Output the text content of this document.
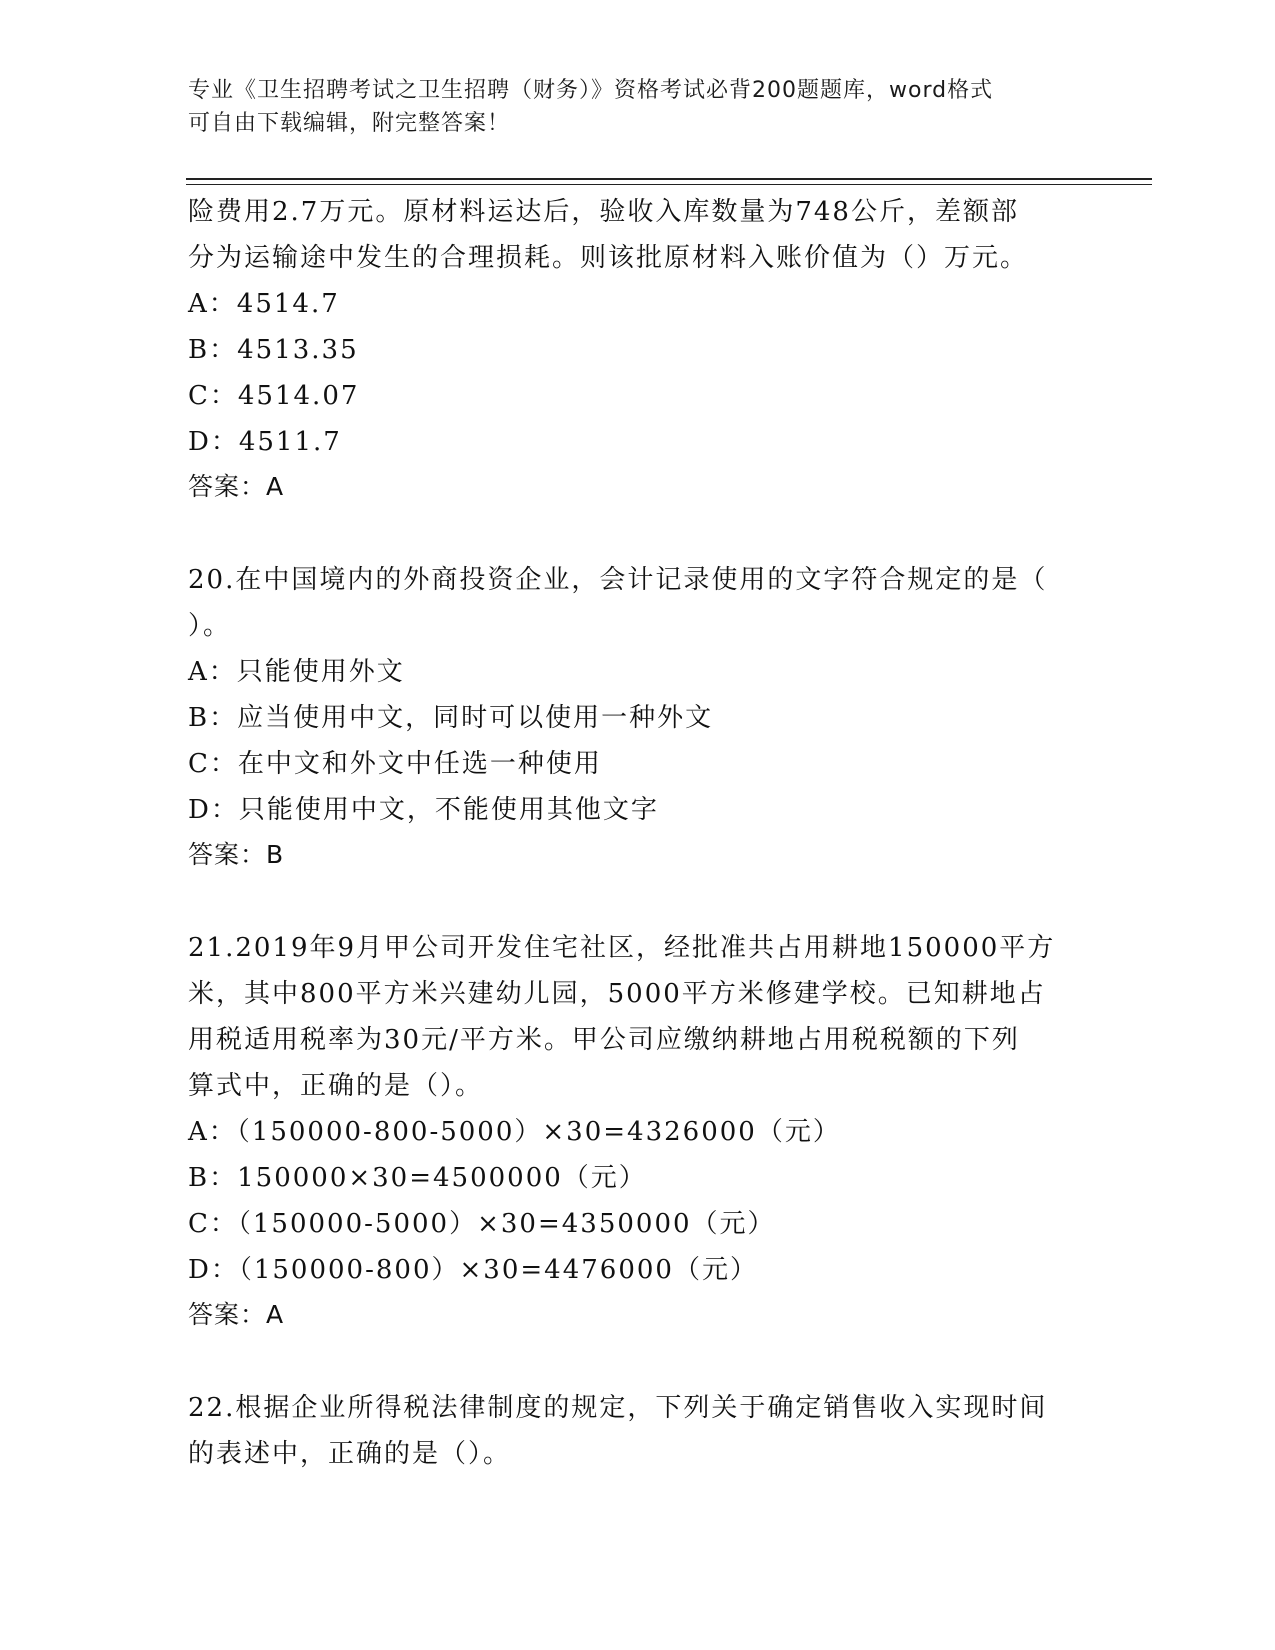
专业《卫生招聘考试之卫生招聘（财务）》资格考试必背200题题库，word格式
可自由下载编辑，附完整答案！
险费用2.7万元。原材料运达后，验收入库数量为748公斤，差额部
分为运输途中发生的合理损耗。则该批原材料入账价值为（）万元。
A：4514.7
B：4513.35
C：4514.07
D：4511.7
答案：A
20.在中国境内的外商投资企业，会计记录使用的文字符合规定的是（
）。
A：只能使用外文
B：应当使用中文，同时可以使用一种外文
C：在中文和外文中任选一种使用
D：只能使用中文，不能使用其他文字
答案：B
21.2019年9月甲公司开发住宅社区，经批准共占用耕地150000平方
米，其中800平方米兴建幼儿园，5000平方米修建学校。已知耕地占
用税适用税率为30元/平方米。甲公司应缴纳耕地占用税税额的下列
算式中，正确的是（）。
A：（150000-800-5000）×30=4326000（元）
B：150000×30=4500000（元）
C：（150000-5000）×30=4350000（元）
D：（150000-800）×30=4476000（元）
答案：A
22.根据企业所得税法律制度的规定，下列关于确定销售收入实现时间
的表述中，正确的是（）。
